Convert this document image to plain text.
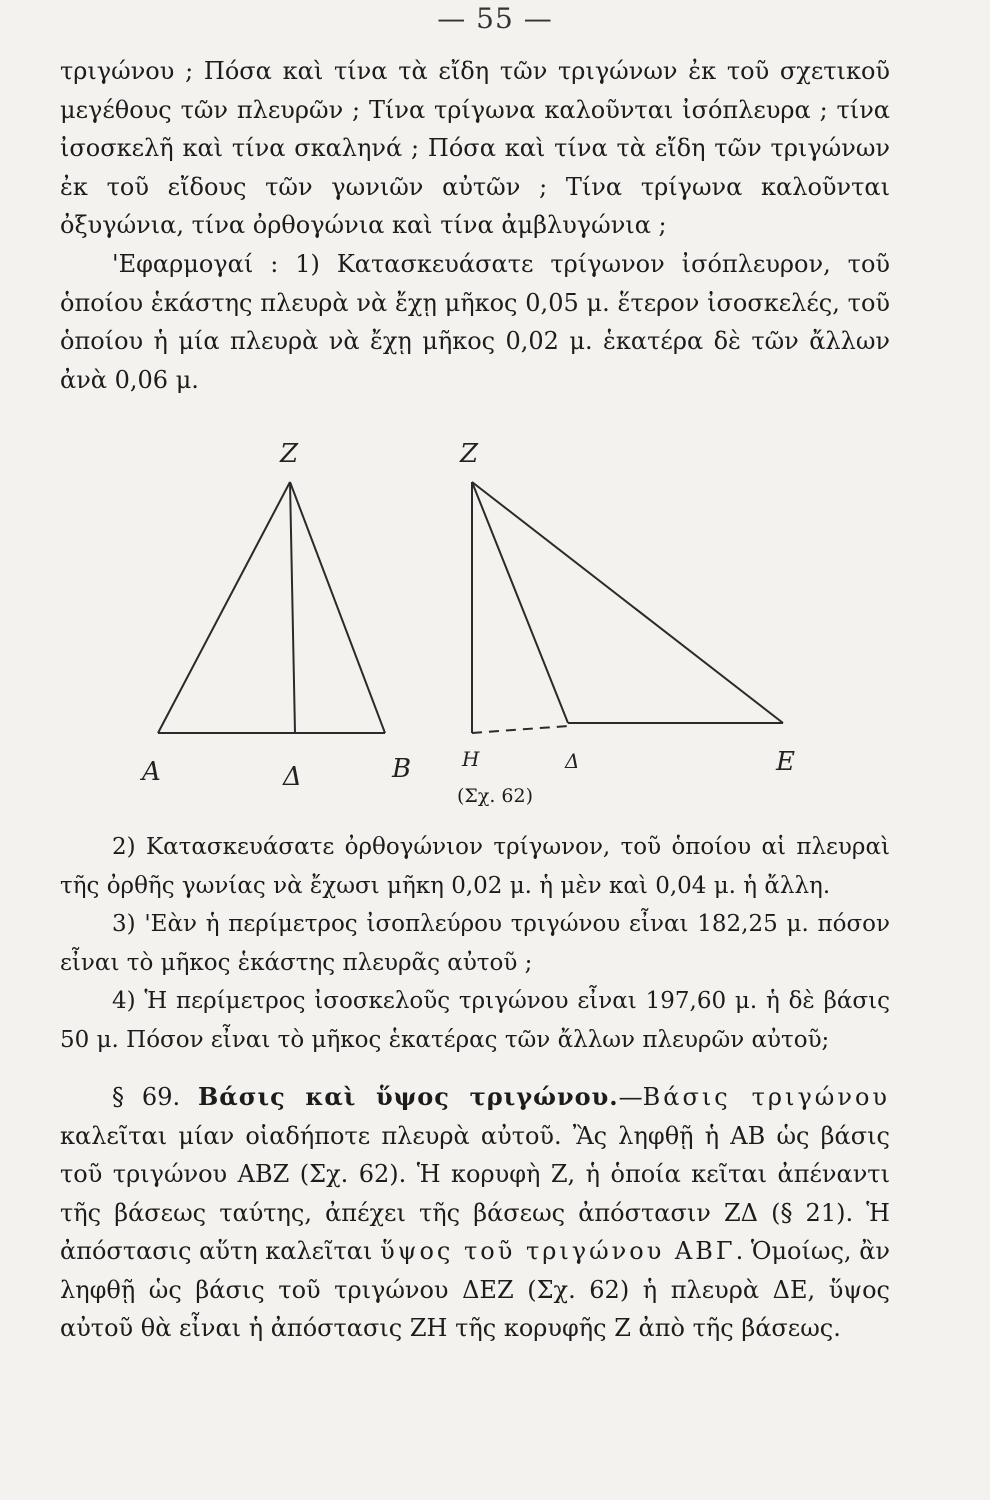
— 55 —
τριγώνου ; Πόσα καὶ τίνα τὰ εἴδη τῶν τριγώνων ἐκ τοῦ σχετικοῦ μεγέθους τῶν πλευρῶν ; Τίνα τρίγωνα καλοῦνται ἰσόπλευρα ; τίνα ἰσοσκελῆ καὶ τίνα σκαληνά ; Πόσα καὶ τίνα τὰ εἴδη τῶν τριγώνων ἐκ τοῦ εἴδους τῶν γωνιῶν αὐτῶν ; Τίνα τρίγωνα καλοῦνται ὀξυγώνια, τίνα ὀρθογώνια καὶ τίνα ἀμβλυγώνια ;
'Εφαρμογαί : 1) Κατασκευάσατε τρίγωνον ἰσόπλευρον, τοῦ ὁποίου ἑκάστης πλευρὰ νὰ ἔχῃ μῆκος 0,05 μ. ἕτερον ἰσοσκελές, τοῦ ὁποίου ἡ μία πλευρὰ νὰ ἔχῃ μῆκος 0,02 μ. ἑκατέρα δὲ τῶν ἄλλων ἀνὰ 0,06 μ.
Z
A	Δ	B
Z
H	Δ	E
(Σχ. 62)
2) Κατασκευάσατε ὀρθογώνιον τρίγωνον, τοῦ ὁποίου αἱ πλευραὶ τῆς ὀρθῆς γωνίας νὰ ἔχωσι μῆκη 0,02 μ. ἡ μὲν καὶ 0,04 μ. ἡ ἄλλη.
3) 'Εὰν ἡ περίμετρος ἰσοπλεύρου τριγώνου εἶναι 182,25 μ. πόσον εἶναι τὸ μῆκος ἑκάστης πλευρᾶς αὐτοῦ ;
4) Ἡ περίμετρος ἰσοσκελοῦς τριγώνου εἶναι 197,60 μ. ἡ δὲ βάσις 50 μ. Πόσον εἶναι τὸ μῆκος ἑκατέρας τῶν ἄλλων πλευρῶν αὐτοῦ;
§ 69. Βάσις καὶ ὕψος τριγώνου.—Βάσις τριγώνου καλεῖται μίαν οἱαδήποτε πλευρὰ αὐτοῦ. Ἂς ληφθῇ ἡ ΑΒ ὡς βάσις τοῦ τριγώνου ΑΒΖ (Σχ. 62). Ἡ κορυφὴ Ζ, ἡ ὁποία κεῖται ἀπέναντι τῆς βάσεως ταύτης, ἀπέχει τῆς βάσεως ἀπόστασιν ΖΔ (§ 21). Ἡ ἀπόστασις αὕτη καλεῖται ὕψος τοῦ τριγώνου ΑΒΓ. Ὁμοίως, ἂν ληφθῇ ὡς βάσις τοῦ τριγώνου ΔΕΖ (Σχ. 62) ἡ πλευρὰ ΔΕ, ὕψος αὐτοῦ θὰ εἶναι ἡ ἀπόστασις ΖΗ τῆς κορυφῆς Ζ ἀπὸ τῆς βάσεως.
